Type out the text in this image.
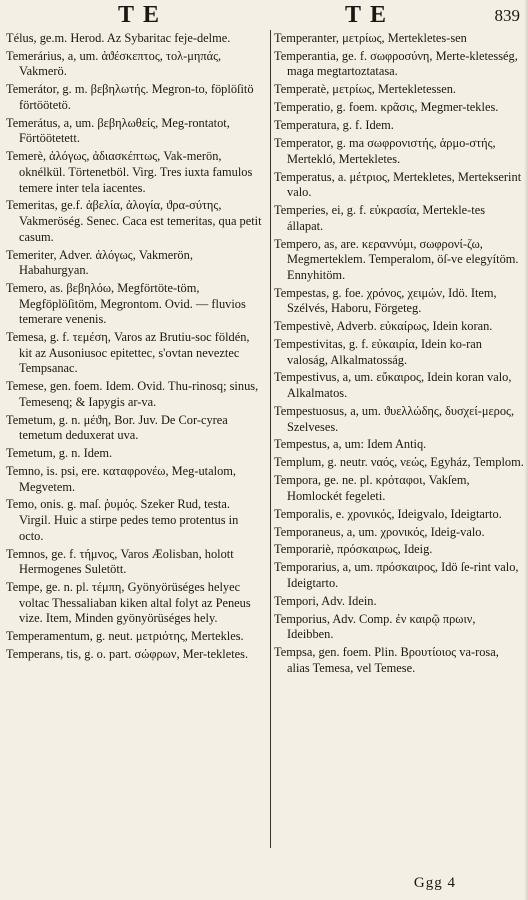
TE	TE	839

Télus, ge.m. Herod. Az Sybaritac feje-delme.

Temerárius, a, um. ἀϑέσκεπτος, τολ-μηπάς, Vakmerö.

Temerátor, g. m. βεβηλωτής. Megron-to, föplöſitö förtöötetö.

Temerátus, a, um. βεβηλωθείς, Meg-rontatot, Förtöötetett.

Temerè, ἀλόγως, ἀδιασκέπτως, Vak-merön, oknélkül. Törtenetböl. Virg. Tres iuxta famulos temere inter tela iacentes.

Temeritas, ge.f. ἀβελία, ἀλογία, ϑρα-σύτης, Vakmeröség. Senec. Caca est temeritas, qua petit casum.

Temeriter, Adver. ἀλόγως, Vakmerön, Habahurgyan.

Temero, as. βεβηλόω, Megförtöte-töm, Megföplöſitöm, Megrontom. Ovid. — fluvios temerare venenis.

Temesa, g. f. τεμέση, Varos az Brutiu-soc földén, kit az Ausoniusoc epitettec, s'ovtan neveztec Tempsanac.

Temese, gen. foem. Idem. Ovid. Thu-rinosq; sinus, Temesenq; & Iapygis ar-va.

Temetum, g. n. μέϑη, Bor. Juv. De Cor-cyrea temetum deduxerat uva.

Temetum, g. n. Idem.

Temno, is. psi, ere. καταφρονέω, Meg-utalom, Megvetem.

Temo, onis. g. maſ. ῥυμός. Szeker Rud, testa. Virgil. Huic a stirpe pedes temo protentus in octo.

Temnos, ge. f. τήμνος, Varos Æolisban, holott Hermogenes Suletött.

Tempe, ge. n. pl. τέμπη, Gyönyörüséges helyec voltac Thessaliaban kiken altal folyt az Peneus vize. Item, Minden gyönyörüséges hely.

Temperamentum, g. neut. μετριότης, Mertekles.

Temperans, tis, g. o. part. σώφρων, Mer-tekletes.

Temperanter, μετρίως, Mertekletes-sen

Temperantia, ge. f. σωφροσύνη, Merte-kletesség, maga megtartoztatasa.

Temperatè, μετρίως, Mertekletessen.

Temperatio, g. foem. κρᾶσις, Megmer-tekles.

Temperatura, g. f. Idem.

Temperator, g. ma σωφρονιστής, ἁρμο-στής, Mertekló, Mertekletes.

Temperatus, a. μέτριος, Mertekletes, Mertekserint valo.

Temperies, ei, g. f. εὐκρασία, Mertekle-tes állapat.

Tempero, as, are. κεραννύμι, σωφρονί-ζω, Megmerteklem. Temperalom, öſ-ve elegyítöm. Ennyhitöm.

Tempestas, g. foe. χρόνος, χειμών, Idö. Item, Szélvés, Haboru, Förgeteg.

Tempestivè, Adverb. εὐκαίρως, Idein koran.

Tempestivitas, g. f. εὐκαιρία, Idein ko-ran valoság, Alkalmatosság.

Tempestivus, a, um. εὔκαιρος, Idein koran valo, Alkalmatos.

Tempestuosus, a, um. ϑυελλώδης, δυσχεί-μερος, Szelveses.

Tempestus, a, um: Idem Antiq.

Templum, g. neutr. ναός, νεώς, Egyház, Templom.

Tempora, ge. ne. pl. κρόταφοι, Vakſem, Homlockét fegeleti.

Temporalis, e. χρονικός, Ideigvalo, Ideigtarto.

Temporaneus, a, um. χρονικός, Ideig-valo.

Temporariè, πρόσκαιρως, Ideig.

Temporarius, a, um. πρόσκαιρος, Idö ſe-rint valo, Ideigtarto.

Tempori, Adv. Idein.

Temporius, Adv. Comp. ἐν καιρῷ πρωιν, Ideibben.

Tempsa, gen. foem. Plin. Βρουτίοιος va-rosa, alias Temesa, vel Temese.

Ggg 4
